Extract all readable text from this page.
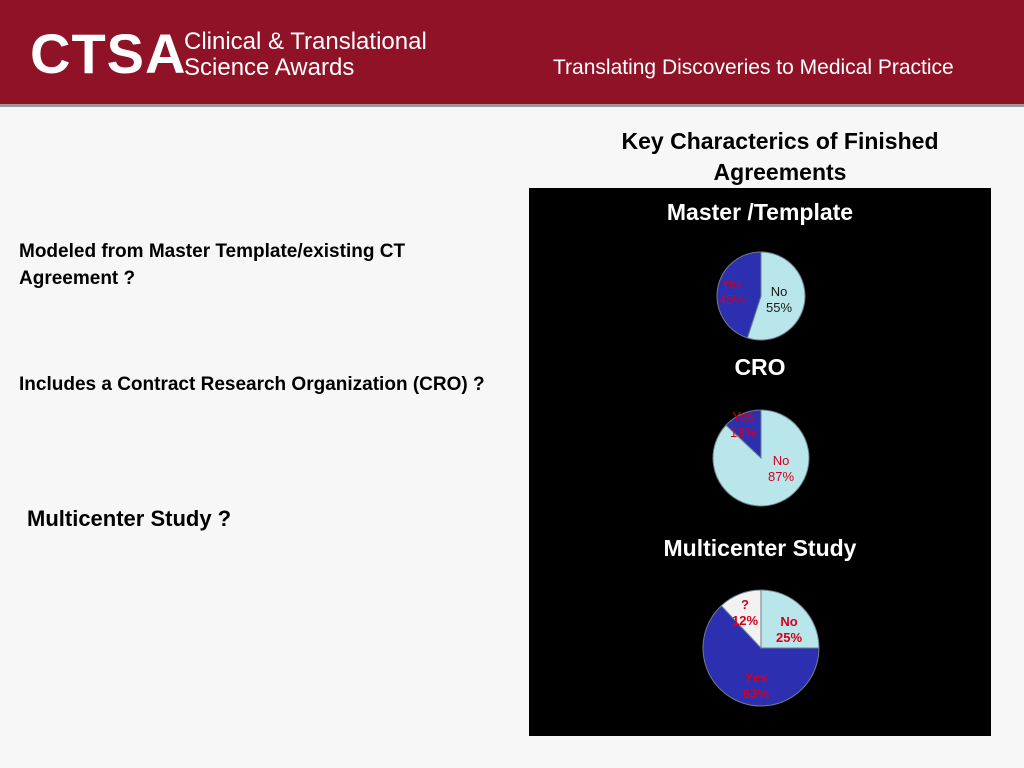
CTSA
Clinical & Translational
Science Awards	Translating Discoveries to Medical Practice
Key Characterics of Finished Agreements
Modeled from Master Template/existing CT Agreement ?
Includes a Contract Research Organization (CRO) ?
Multicenter Study ?
Master /Template
CRO
Multicenter Study
No
55%
Yes
45%
No
87%
Yes
13%
No
25%
Yes
63%
?
12%
